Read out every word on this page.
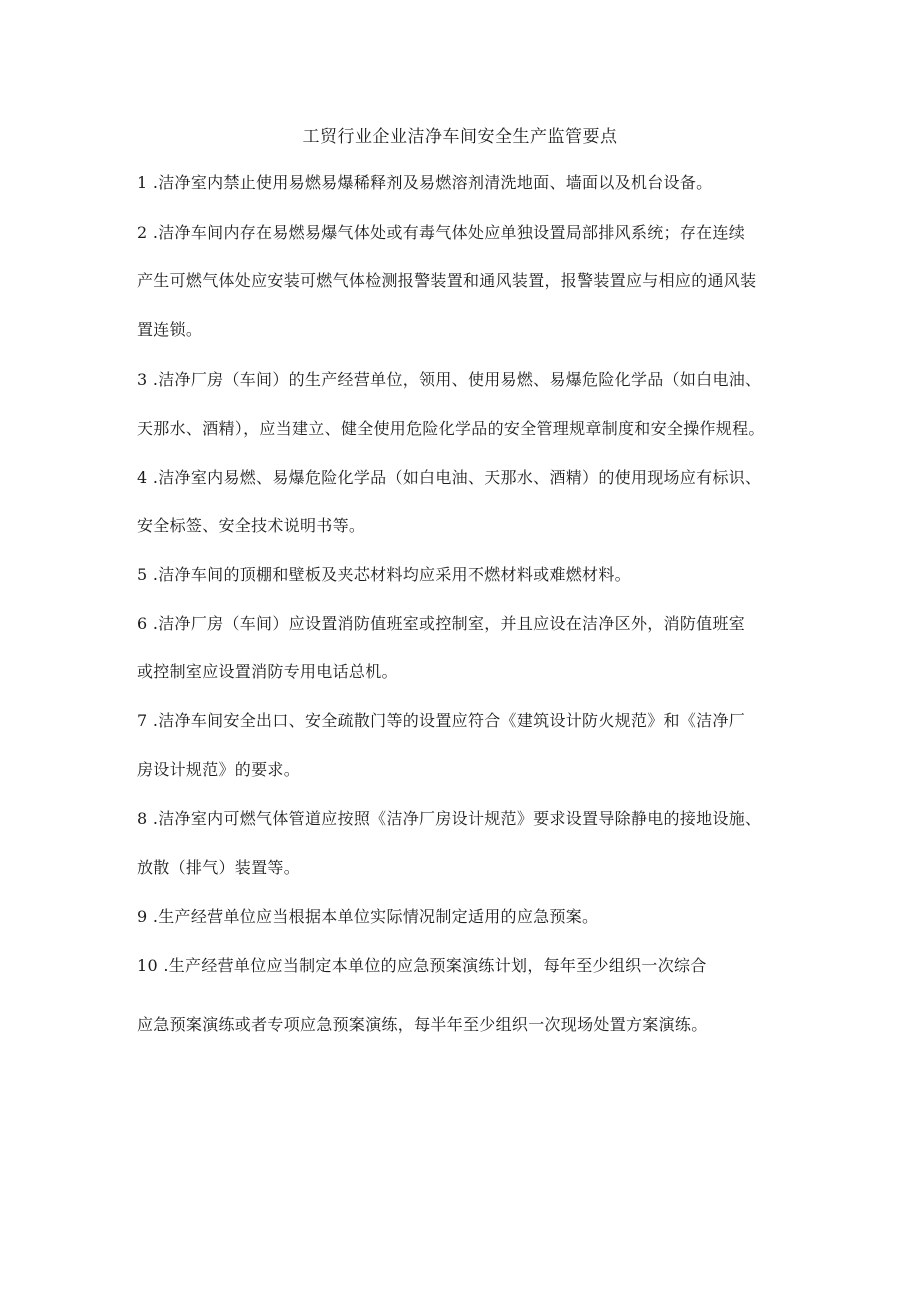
工贸行业企业洁净车间安全生产监管要点
1 .洁净室内禁止使用易燃易爆稀释剂及易燃溶剂清洗地面、墙面以及机台设备。
2 .洁净车间内存在易燃易爆气体处或有毒气体处应单独设置局部排风系统；存在连续
产生可燃气体处应安装可燃气体检测报警装置和通风装置，报警装置应与相应的通风装
置连锁。
3 .洁净厂房（车间）的生产经营单位，领用、使用易燃、易爆危险化学品（如白电油、
天那水、酒精），应当建立、健全使用危险化学品的安全管理规章制度和安全操作规程。
4 .洁净室内易燃、易爆危险化学品（如白电油、天那水、酒精）的使用现场应有标识、
安全标签、安全技术说明书等。
5 .洁净车间的顶棚和壁板及夹芯材料均应采用不燃材料或难燃材料。
6 .洁净厂房（车间）应设置消防值班室或控制室，并且应设在洁净区外，消防值班室
或控制室应设置消防专用电话总机。
7 .洁净车间安全出口、安全疏散门等的设置应符合《建筑设计防火规范》和《洁净厂
房设计规范》的要求。
8 .洁净室内可燃气体管道应按照《洁净厂房设计规范》要求设置导除静电的接地设施、
放散（排气）装置等。
9 .生产经营单位应当根据本单位实际情况制定适用的应急预案。
10 .生产经营单位应当制定本单位的应急预案演练计划，每年至少组织一次综合
应急预案演练或者专项应急预案演练，每半年至少组织一次现场处置方案演练。
